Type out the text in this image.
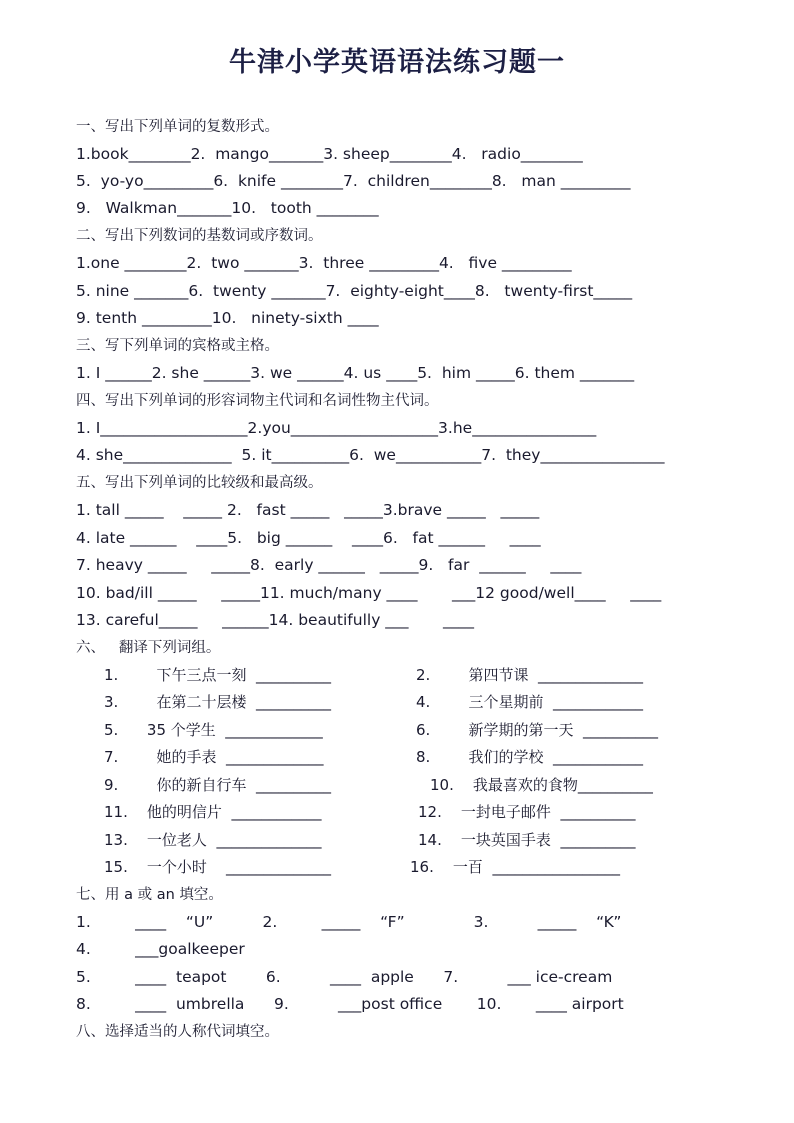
牛津小学英语语法练习题一
一、写出下列单词的复数形式。
1.book________2.  mango_______3. sheep________4.   radio________
5.  yo-yo_________6.  knife ________7.  children________8.   man _________
9.   Walkman_______10.   tooth ________
二、写出下列数词的基数词或序数词。
1.one ________2.  two _______3.  three _________4.   five _________
5. nine _______6.  twenty _______7.  eighty-eight____8.   twenty-first_____
9. tenth _________10.   ninety-sixth ____
三、写下列单词的宾格或主格。
1. I ______2. she ______3. we ______4. us ____5.  him _____6. them _______
四、写出下列单词的形容词物主代词和名词性物主代词。
1. I___________________2.you___________________3.he________________
4. she______________  5. it__________6.  we___________7.  they________________
五、写出下列单词的比较级和最高级。
1. tall _____    _____ 2.   fast _____   _____3.brave _____   _____
4. late ______    ____5.   big ______    ____6.   fat ______     ____
7. heavy _____     _____8.  early ______   _____9.   far  ______     ____
10. bad/ill _____     _____11. much/many ____       ___12 good/well____     ____
13. careful_____     ______14. beautifully ___       ____
六、   翻译下列词组。
1.        下午三点一刻  __________	2.        第四节课  ______________
3.        在第二十层楼  __________	4.        三个星期前  ____________
5.      35 个学生  _____________	6.        新学期的第一天  __________
7.        她的手表  _____________	8.        我们的学校  ____________
9.        你的新自行车  __________	10.    我最喜欢的食物__________
11.    他的明信片  ____________	12.    一封电子邮件  __________
13.    一位老人  ______________	14.    一块英国手表  __________
15.    一个小时    ______________	16.    一百  _________________
七、用 a 或 an 填空。
1.         ____    “U”          2.         _____    “F”              3.          _____    “K”
4.         ___goalkeeper
5.         ____  teapot        6.          ____  apple      7.          ___ ice-cream
8.         ____  umbrella      9.          ___post office       10.       ____ airport
八、选择适当的人称代词填空。
